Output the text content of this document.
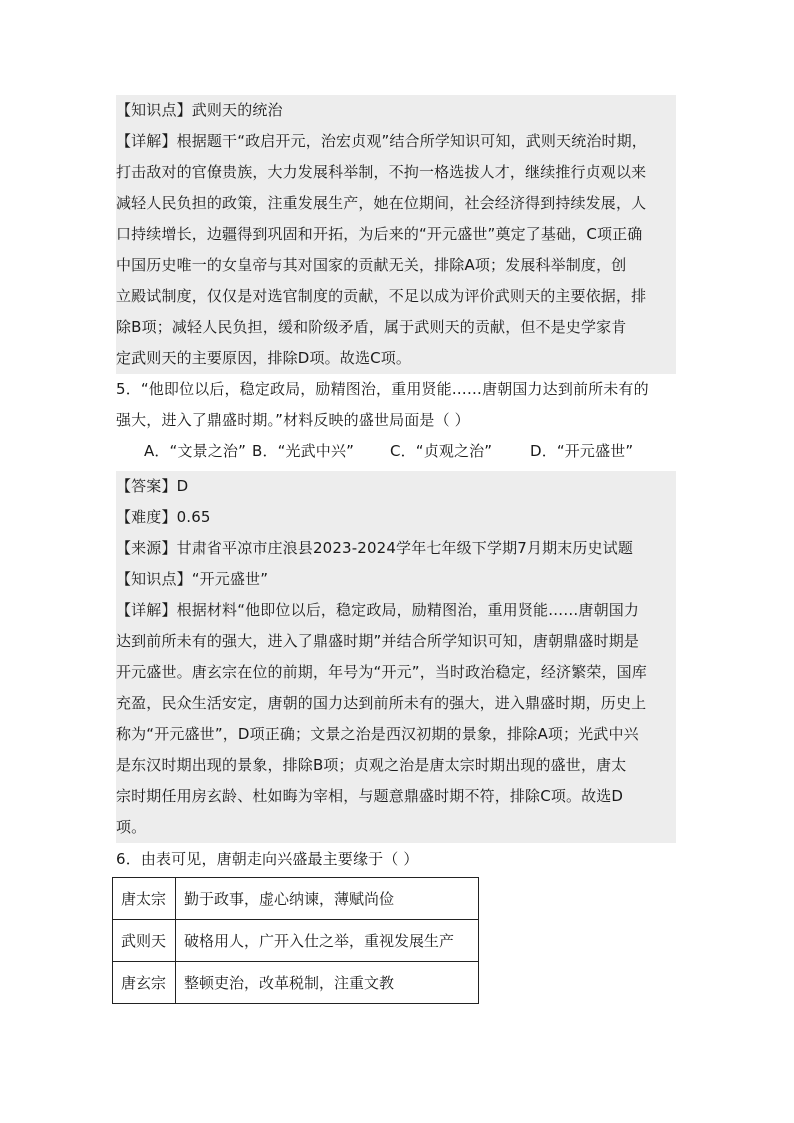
【知识点】武则天的统治
【详解】根据题干“政启开元，治宏贞观”结合所学知识可知，武则天统治时期，
打击敌对的官僚贵族，大力发展科举制，不拘一格选拔人才，继续推行贞观以来
减轻人民负担的政策，注重发展生产，她在位期间，社会经济得到持续发展，人
口持续增长，边疆得到巩固和开拓，为后来的“开元盛世”奠定了基础，C项正确
中国历史唯一的女皇帝与其对国家的贡献无关，排除A项；发展科举制度，创
立殿试制度，仅仅是对选官制度的贡献，不足以成为评价武则天的主要依据，排
除B项；减轻人民负担，缓和阶级矛盾，属于武则天的贡献，但不是史学家肯
定武则天的主要原因，排除D项。故选C项。
5．“他即位以后，稳定政局，励精图治，重用贤能……唐朝国力达到前所未有的
强大，进入了鼎盛时期。”材料反映的盛世局面是（ ）
A．“文景之治” B．“光武中兴” C．“贞观之治”	D．“开元盛世”
【答案】D
【难度】0.65
【来源】甘肃省平凉市庄浪县2023-2024学年七年级下学期7月期末历史试题
【知识点】“开元盛世”
【详解】根据材料“他即位以后，稳定政局，励精图治，重用贤能……唐朝国力
达到前所未有的强大，进入了鼎盛时期”并结合所学知识可知，唐朝鼎盛时期是
开元盛世。唐玄宗在位的前期，年号为“开元”，当时政治稳定，经济繁荣，国库
充盈，民众生活安定，唐朝的国力达到前所未有的强大，进入鼎盛时期，历史上
称为“开元盛世”，D项正确；文景之治是西汉初期的景象，排除A项；光武中兴
是东汉时期出现的景象，排除B项；贞观之治是唐太宗时期出现的盛世，唐太
宗时期任用房玄龄、杜如晦为宰相，与题意鼎盛时期不符，排除C项。故选D
项。
6．由表可见，唐朝走向兴盛最主要缘于（ ）
唐太宗	勤于政事，虚心纳谏，薄赋尚俭
武则天	破格用人，广开入仕之举，重视发展生产
唐玄宗	整顿吏治，改革税制，注重文教
